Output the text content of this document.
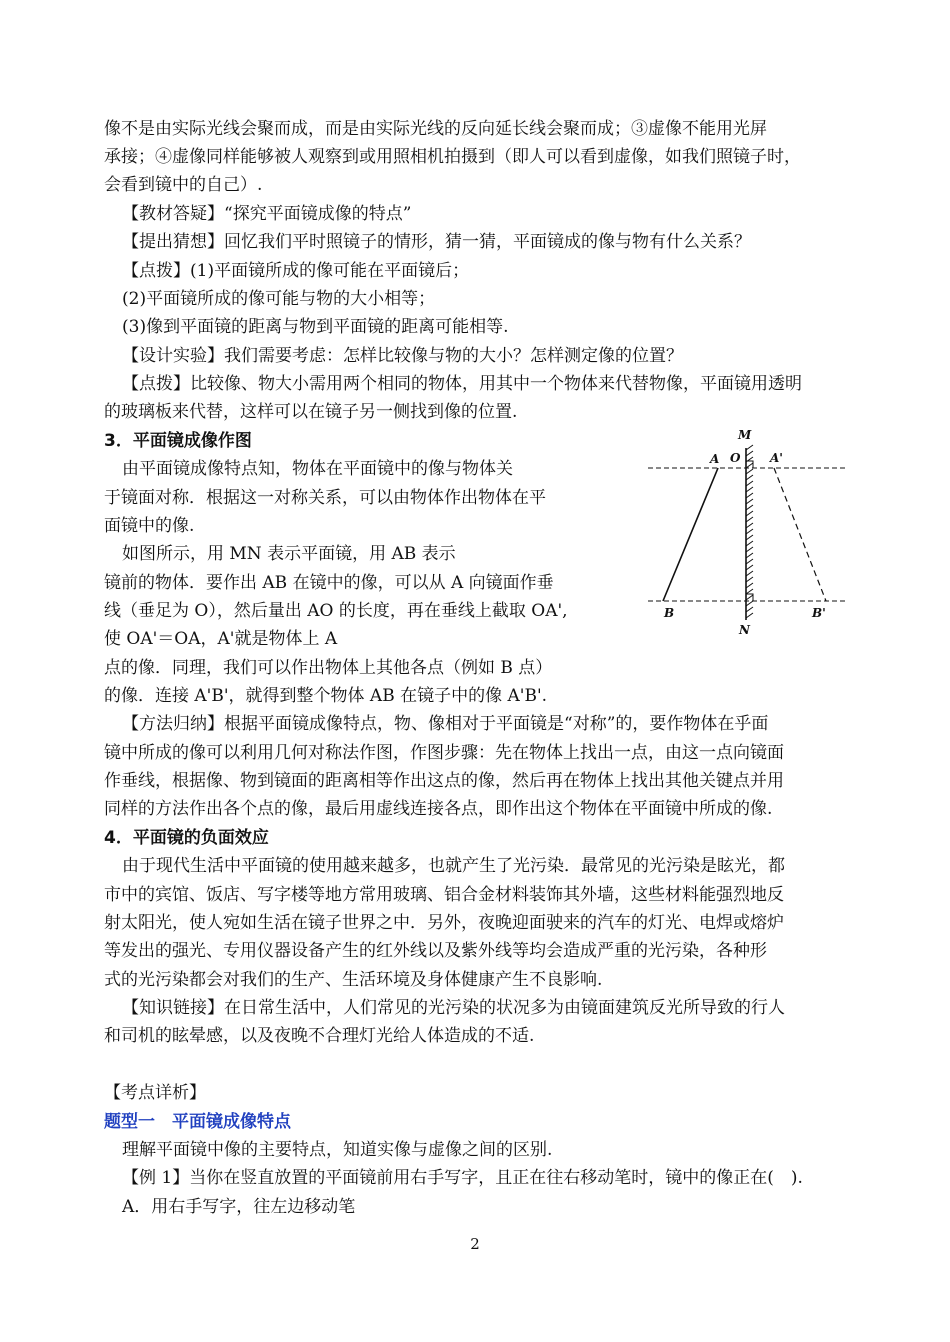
像不是由实际光线会聚而成，而是由实际光线的反向延长线会聚而成；③虚像不能用光屏
承接；④虚像同样能够被人观察到或用照相机拍摄到（即人可以看到虚像，如我们照镜子时，
会看到镜中的自己）.
【教材答疑】“探究平面镜成像的特点”
【提出猜想】回忆我们平时照镜子的情形，猜一猜，平面镜成的像与物有什么关系？
【点拨】(1)平面镜所成的像可能在平面镜后；
(2)平面镜所成的像可能与物的大小相等；
(3)像到平面镜的距离与物到平面镜的距离可能相等.
【设计实验】我们需要考虑：怎样比较像与物的大小？怎样测定像的位置？
【点拨】比较像、物大小需用两个相同的物体，用其中一个物体来代替物像，平面镜用透明
的玻璃板来代替，这样可以在镜子另一侧找到像的位置.
3．平面镜成像作图
由平面镜成像特点知，物体在平面镜中的像与物体关
于镜面对称．根据这一对称关系，可以由物体作出物体在平
面镜中的像.
如图所示，用 MN 表示平面镜，用 AB 表示
镜前的物体．要作出 AB 在镜中的像，可以从 A 向镜面作垂
线（垂足为 O），然后量出 AO 的长度，再在垂线上截取 OA',
使 OA'＝OA，A'就是物体上 A
点的像．同理，我们可以作出物体上其他各点（例如 B 点）
的像．连接 A'B'，就得到整个物体 AB 在镜子中的像 A'B'.
M
O
A	A'
B	B'
N
【方法归纳】根据平面镜成像特点，物、像相对于平面镜是“对称”的，要作物体在乎面
镜中所成的像可以利用几何对称法作图，作图步骤：先在物体上找出一点，由这一点向镜面
作垂线，根据像、物到镜面的距离相等作出这点的像，然后再在物体上找出其他关键点并用
同样的方法作出各个点的像，最后用虚线连接各点，即作出这个物体在平面镜中所成的像.
4．平面镜的负面效应
由于现代生活中平面镜的使用越来越多，也就产生了光污染．最常见的光污染是眩光，都
市中的宾馆、饭店、写字楼等地方常用玻璃、铝合金材料装饰其外墙，这些材料能强烈地反
射太阳光，使人宛如生活在镜子世界之中．另外，夜晚迎面驶来的汽车的灯光、电焊或熔炉
等发出的强光、专用仪器设备产生的红外线以及紫外线等均会造成严重的光污染，各种形
式的光污染都会对我们的生产、生活环境及身体健康产生不良影响.
【知识链接】在日常生活中，人们常见的光污染的状况多为由镜面建筑反光所导致的行人
和司机的眩晕感，以及夜晚不合理灯光给人体造成的不适.
【考点详析】
题型一　平面镜成像特点
理解平面镜中像的主要特点，知道实像与虚像之间的区别.
【例 1】当你在竖直放置的平面镜前用右手写字，且正在往右移动笔时，镜中的像正在(　).
A．用右手写字，往左边移动笔
2
